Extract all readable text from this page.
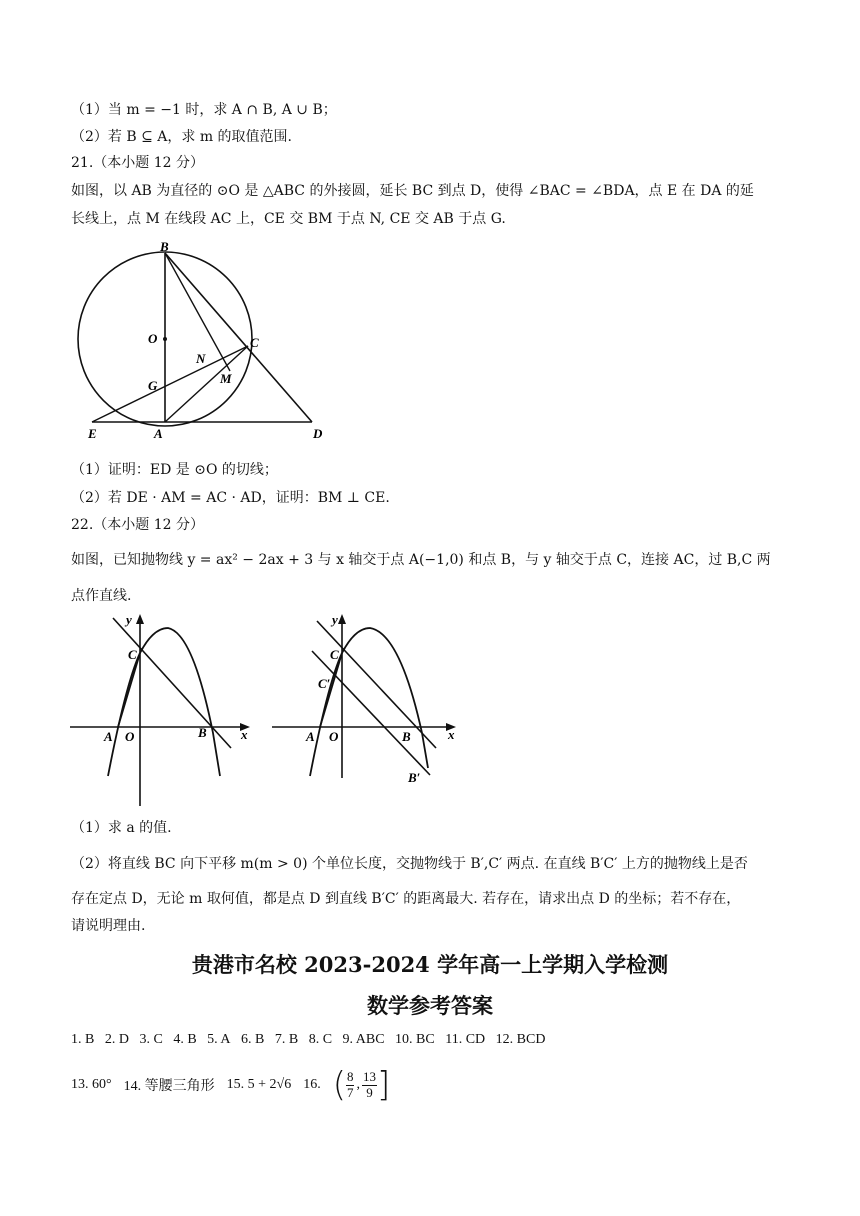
（1）当 m = −1 时，求 A ∩ B, A ∪ B；
（2）若 B ⊆ A，求 m 的取值范围.
21.（本小题 12 分）
如图，以 AB 为直径的 ⊙O 是 △ABC 的外接圆，延长 BC 到点 D，使得 ∠BAC = ∠BDA，点 E 在 DA 的延
长线上，点 M 在线段 AC 上，CE 交 BM 于点 N, CE 交 AB 于点 G.
B
O	C
N
M
G
E	A	D
（1）证明：ED 是 ⊙O 的切线；
（2）若 DE · AM = AC · AD，证明：BM ⊥ CE.
22.（本小题 12 分）
如图，已知抛物线 y = ax² − 2ax + 3 与 x 轴交于点 A(−1,0) 和点 B，与 y 轴交于点 C，连接 AC，过 B,C 两
点作直线.
y
C
A O	B	x
y
C
C′
A O	B	x
B′
（1）求 a 的值.
（2）将直线 BC 向下平移 m(m > 0) 个单位长度，交抛物线于 B′,C′ 两点. 在直线 B′C′ 上方的抛物线上是否
存在定点 D，无论 m 取何值，都是点 D 到直线 B′C′ 的距离最大. 若存在，请求出点 D 的坐标；若不存在，
请说明理由.
贵港市名校 2023-2024 学年高一上学期入学检测
数学参考答案
1. B 2. D 3. C 4. B 5. A 6. B 7. B 8. C 9. ABC 10. BC 11. CD 12. BCD
13. 60° 14. 等腰三角形 15. 5 + 2√6 16. ( $\frac{8}{7}$ , $\frac{13}{9}$ ]
